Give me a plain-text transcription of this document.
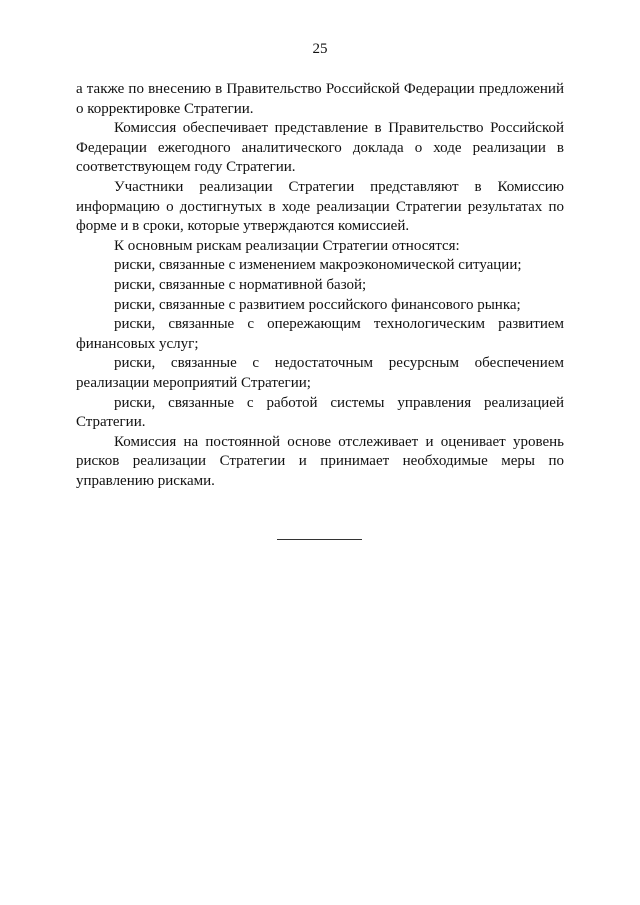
25

а также по внесению в Правительство Российской Федерации предложений о корректировке Стратегии.

Комиссия обеспечивает представление в Правительство Российской Федерации ежегодного аналитического доклада о ходе реализации в соответствующем году Стратегии.

Участники реализации Стратегии представляют в Комиссию информацию о достигнутых в ходе реализации Стратегии результатах по форме и в сроки, которые утверждаются комиссией.

К основным рискам реализации Стратегии относятся:

риски, связанные с изменением макроэкономической ситуации;

риски, связанные с нормативной базой;

риски, связанные с развитием российского финансового рынка;

риски, связанные с опережающим технологическим развитием финансовых услуг;

риски, связанные с недостаточным ресурсным обеспечением реализации мероприятий Стратегии;

риски, связанные с работой системы управления реализацией Стратегии.

Комиссия на постоянной основе отслеживает и оценивает уровень рисков реализации Стратегии и принимает необходимые меры по управлению рисками.
